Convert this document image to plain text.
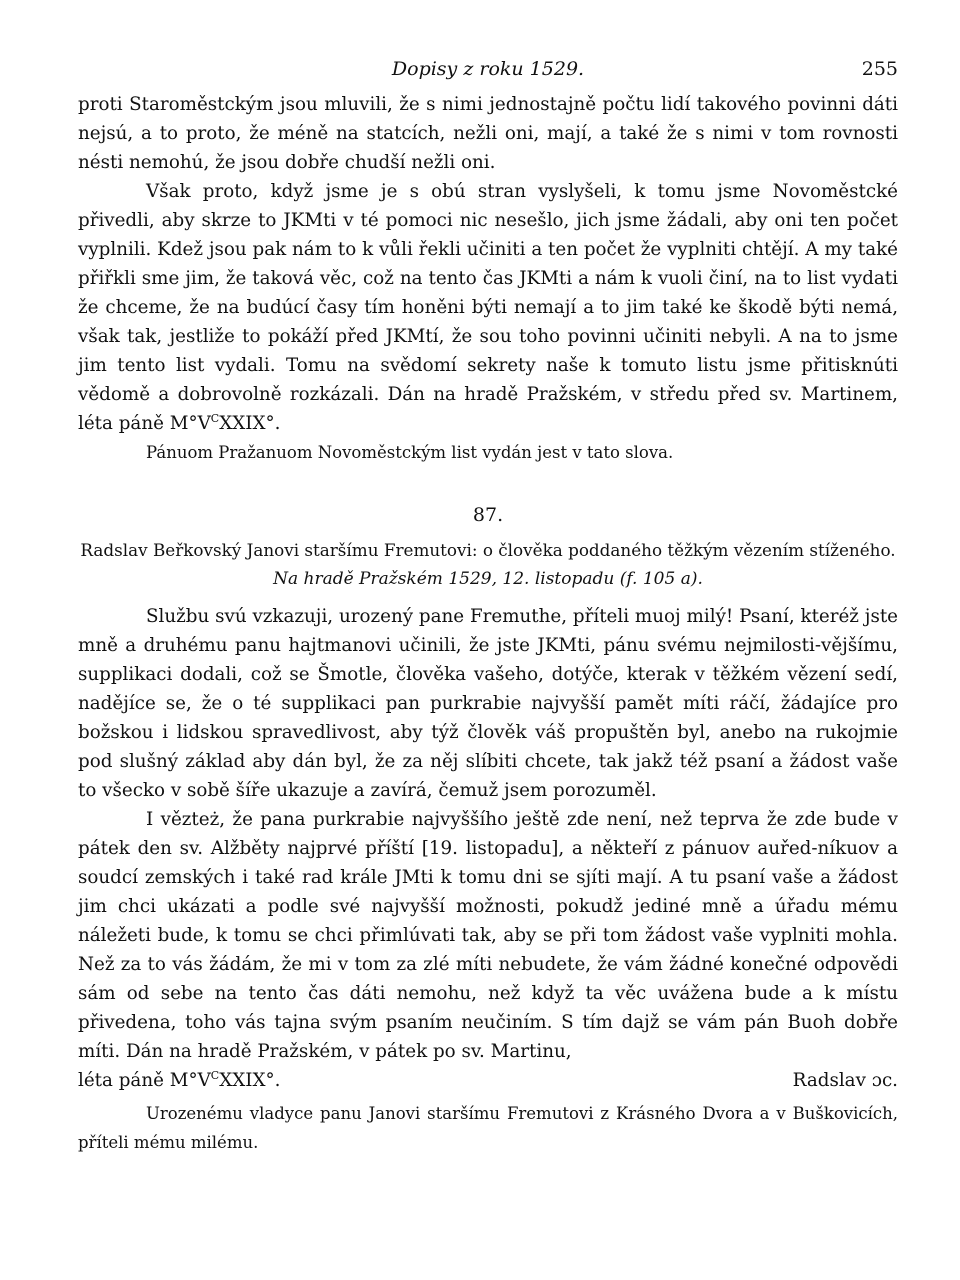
Dopisy z roku 1529.	255

proti Staroměstckým jsou mluvili, že s nimi jednostajně počtu lidí takového povinni dáti nejsú, a to proto, že méně na statcích, nežli oni, mají, a také že s nimi v tom rovnosti nésti nemohú, že jsou dobře chudší nežli oni.

Však proto, když jsme je s obú stran vyslyšeli, k tomu jsme Novoměstcké přivedli, aby skrze to JKMti v té pomoci nic nesešlo, jich jsme žádali, aby oni ten počet vyplnili. Kdež jsou pak nám to k vůli řekli učiniti a ten počet že vyplniti chtějí. A my také přiřkli sme jim, že taková věc, což na tento čas JKMti a nám k vuoli činí, na to list vydati že chceme, že na budúcí časy tím honěni býti nemají a to jim také ke škodě býti nemá, však tak, jestliže to pokáží před JKMtí, že sou toho povinni učiniti nebyli. A na to jsme jim tento list vydali. Tomu na svědomí sekrety naše k tomuto listu jsme přitisknúti vědomě a dobrovolně rozkázali. Dán na hradě Pražském, v středu před sv. Martinem, léta páně $M^\circ V^CXXIX^\circ$.

Pánuom Pražanuom Novoměstckým list vydán jest v tato slova.

87.
Radslav Beřkovský Janovi staršímu Fremutovi: o člověka poddaného těžkým vězením stíženého.
Na hradě Pražském 1529, 12. listopadu (f. 105 a).

Službu svú vzkazuji, urozený pane Fremuthe, příteli muoj milý! Psaní, kteréž jste mně a druhému panu hajtmanovi učinili, že jste JKMti, pánu svému nejmilosti-vějšímu, supplikaci dodali, což se Šmotle, člověka vašeho, dotýče, kterak v těžkém vězení sedí, nadějíce se, že o té supplikaci pan purkrabie najvyšší pamět míti ráčí, žádajíce pro božskou i lidskou spravedlivost, aby týž člověk váš propuštěn byl, anebo na rukojmie pod slušný základ aby dán byl, že za něj slíbiti chcete, tak jakž též psaní a žádost vaše to všecko v sobě šíře ukazuje a zavírá, čemuž jsem porozuměl.

I vězteż, že pana purkrabie najvyššího ještě zde není, než teprva že zde bude v pátek den sv. Alžběty najprvé příští [19. listopadu], a někteří z pánuov auřed-níkuov a soudcí zemských i také rad krále JMti k tomu dni se sjíti mají. A tu psaní vaše a žádost jim chci ukázati a podle své najvyšší možnosti, pokudž jediné mně a úřadu mému náležeti bude, k tomu se chci přimlúvati tak, aby se při tom žádost vaše vyplniti mohla. Než za to vás žádám, že mi v tom za zlé míti nebudete, že vám žádné konečné odpovědi sám od sebe na tento čas dáti nemohu, než když ta věc uvážena bude a k místu přivedena, toho vás tajna svým psaním neučiním. S tím dajž se vám pán Buoh dobře míti. Dán na hradě Pražském, v pátek po sv. Martinu,

léta páně $M^\circ V^CXXIX^\circ$.	Radslav ɔc.

Urozenému vladyce panu Janovi staršímu Fremutovi z Krásného Dvora a v Buškovicích, příteli mému milému.
